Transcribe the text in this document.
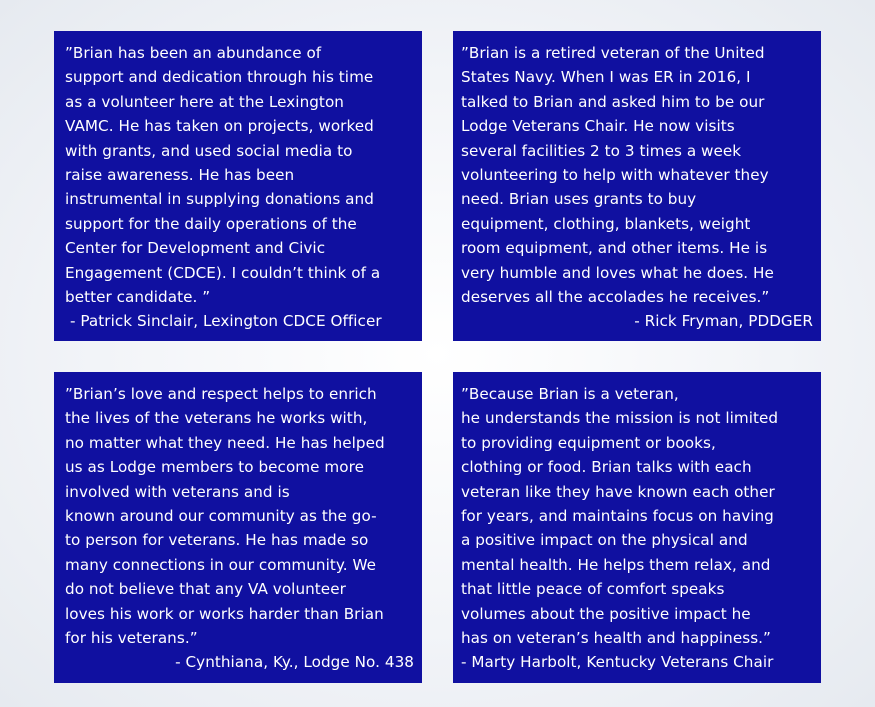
”Brian has been an abundance of
support and dedication through his time
as a volunteer here at the Lexington
VAMC. He has taken on projects, worked
with grants, and used social media to
raise awareness. He has been
instrumental in supplying donations and
support for the daily operations of the
Center for Development and Civic
Engagement (CDCE). I couldn’t think of a
better candidate. ”

- Patrick Sinclair, Lexington CDCE Officer

”Brian is a retired veteran of the United
States Navy. When I was ER in 2016, I
talked to Brian and asked him to be our
Lodge Veterans Chair. He now visits
several facilities 2 to 3 times a week
volunteering to help with whatever they
need. Brian uses grants to buy
equipment, clothing, blankets, weight
room equipment, and other items. He is
very humble and loves what he does. He
deserves all the accolades he receives.”

- Rick Fryman, PDDGER

”Brian’s love and respect helps to enrich
the lives of the veterans he works with,
no matter what they need. He has helped
us as Lodge members to become more
involved with veterans and is
known around our community as the go-
to person for veterans. He has made so
many connections in our community. We
do not believe that any VA volunteer
loves his work or works harder than Brian
for his veterans.”

- Cynthiana, Ky., Lodge No. 438

”Because Brian is a veteran,
he understands the mission is not limited
to providing equipment or books,
clothing or food. Brian talks with each
veteran like they have known each other
for years, and maintains focus on having
a positive impact on the physical and
mental health. He helps them relax, and
that little peace of comfort speaks
volumes about the positive impact he
has on veteran’s health and happiness.”

- Marty Harbolt, Kentucky Veterans Chair
